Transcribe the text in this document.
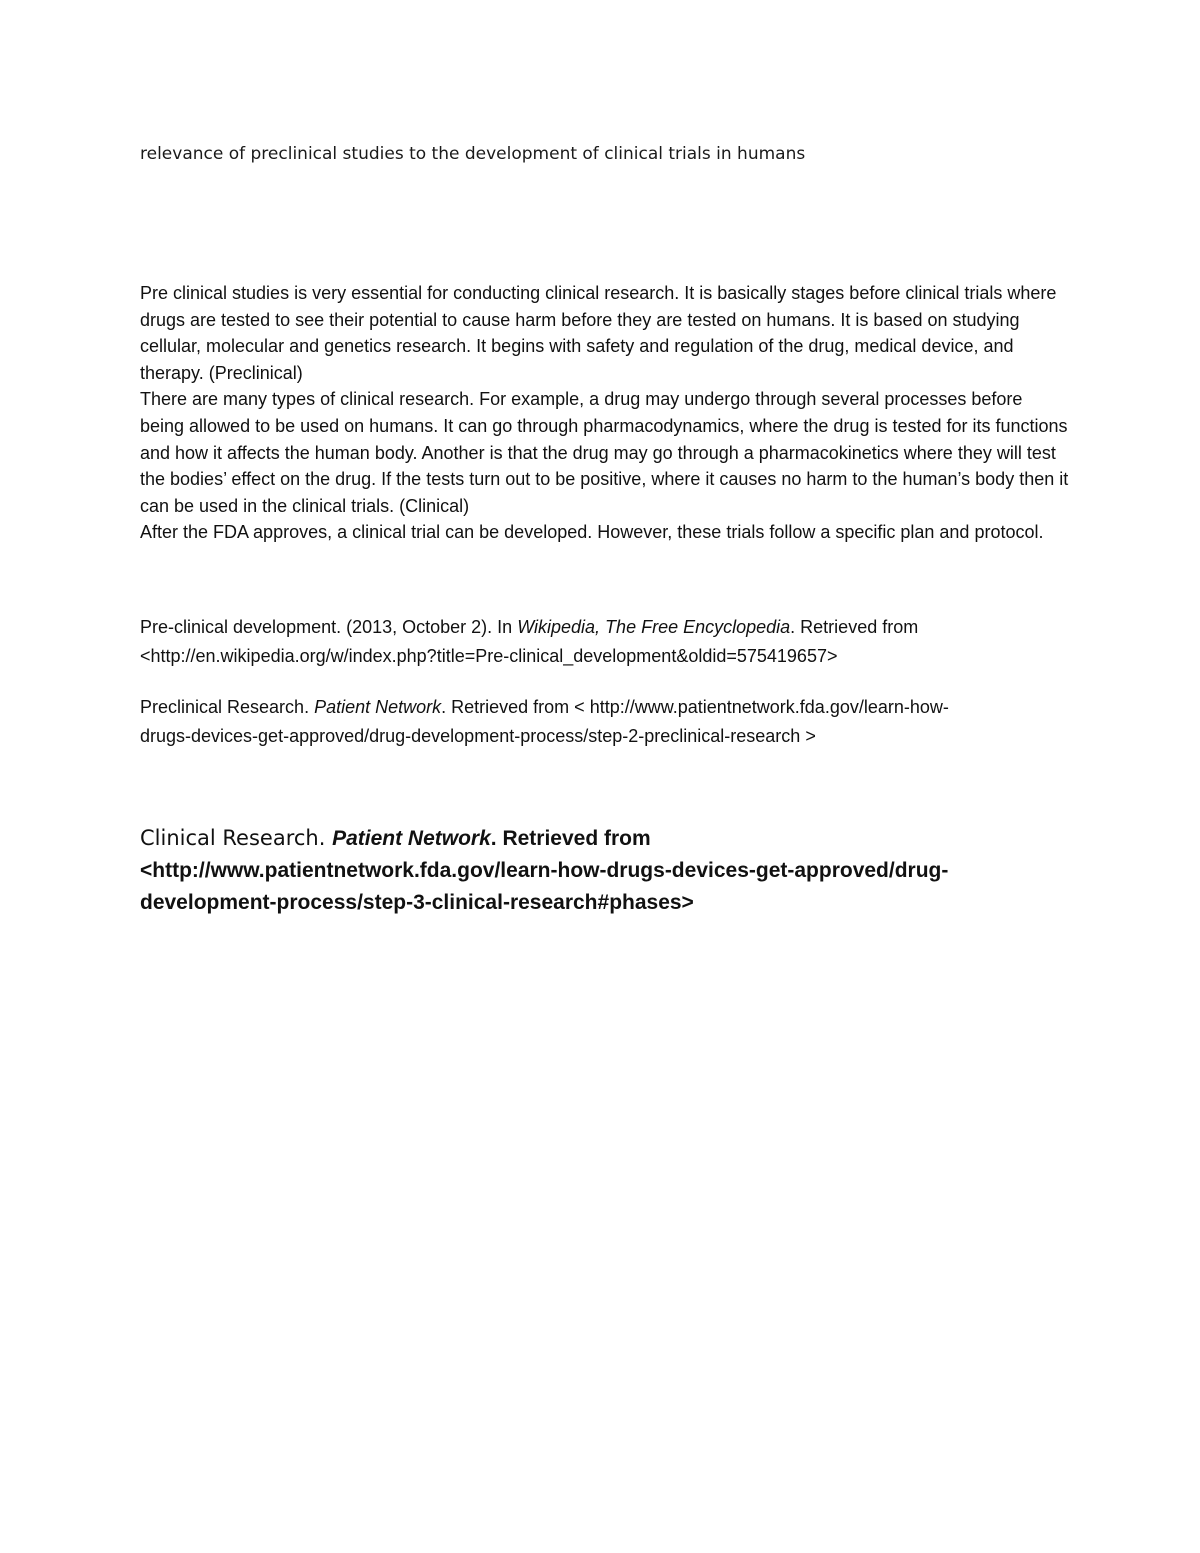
relevance of preclinical studies to the development of clinical trials in humans

Pre clinical studies is very essential for conducting clinical research. It is basically stages before clinical trials where drugs are tested to see their potential to cause harm before they are tested on humans. It is based on studying cellular, molecular and genetics research. It begins with safety and regulation of the drug, medical device, and therapy. (Preclinical)

There are many types of clinical research. For example, a drug may undergo through several processes before being allowed to be used on humans. It can go through pharmacodynamics, where the drug is tested for its functions and how it affects the human body. Another is that the drug may go through a pharmacokinetics where they will test the bodies’ effect on the drug. If the tests turn out to be positive, where it causes no harm to the human’s body then it can be used in the clinical trials. (Clinical)

After the FDA approves, a clinical trial can be developed. However, these trials follow a specific plan and protocol.

Pre-clinical development. (2013, October 2). In Wikipedia, The Free Encyclopedia. Retrieved from
<http://en.wikipedia.org/w/index.php?title=Pre-clinical_development&oldid=575419657>
Preclinical Research. Patient Network. Retrieved from < http://www.patientnetwork.fda.gov/learn-how-
drugs-devices-get-approved/drug-development-process/step-2-preclinical-research >
Clinical Research. Patient Network. Retrieved from
<http://www.patientnetwork.fda.gov/learn-how-drugs-devices-get-approved/drug-
development-process/step-3-clinical-research#phases>
